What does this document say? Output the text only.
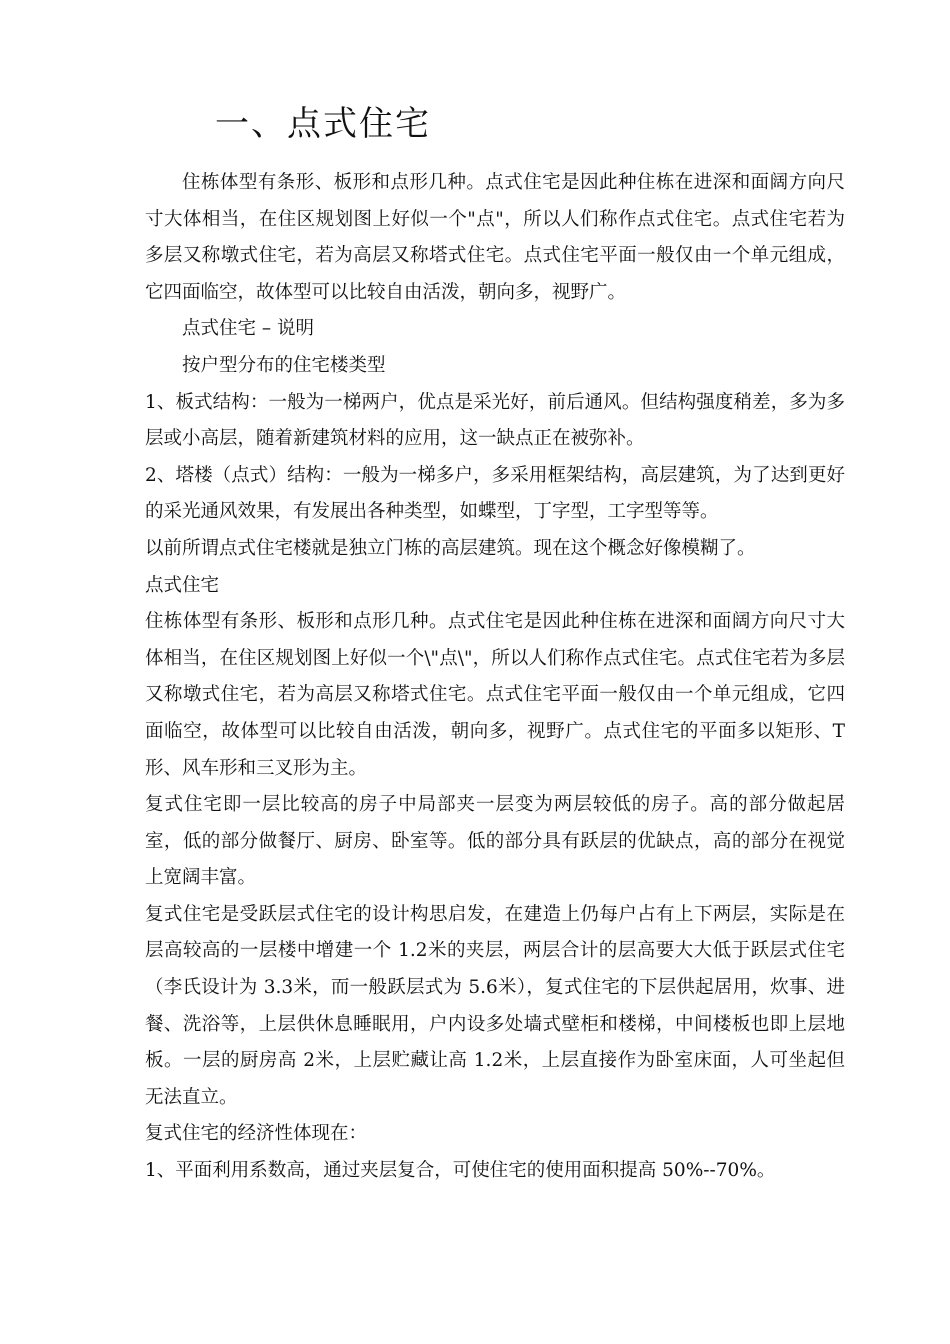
一、点式住宅

住栋体型有条形、板形和点形几种。点式住宅是因此种住栋在进深和面阔方向尺寸大体相当，在住区规划图上好似一个"点"，所以人们称作点式住宅。点式住宅若为多层又称墩式住宅，若为高层又称塔式住宅。点式住宅平面一般仅由一个单元组成，它四面临空，故体型可以比较自由活泼，朝向多，视野广。

点式住宅 – 说明

按户型分布的住宅楼类型

1、板式结构：一般为一梯两户，优点是采光好，前后通风。但结构强度稍差，多为多层或小高层，随着新建筑材料的应用，这一缺点正在被弥补。

2、塔楼（点式）结构：一般为一梯多户，多采用框架结构，高层建筑，为了达到更好的采光通风效果，有发展出各种类型，如蝶型，丁字型，工字型等等。

以前所谓点式住宅楼就是独立门栋的高层建筑。现在这个概念好像模糊了。

点式住宅

住栋体型有条形、板形和点形几种。点式住宅是因此种住栋在进深和面阔方向尺寸大体相当，在住区规划图上好似一个\"点\"，所以人们称作点式住宅。点式住宅若为多层又称墩式住宅，若为高层又称塔式住宅。点式住宅平面一般仅由一个单元组成，它四面临空，故体型可以比较自由活泼，朝向多，视野广。点式住宅的平面多以矩形、T形、风车形和三叉形为主。

复式住宅即一层比较高的房子中局部夹一层变为两层较低的房子。高的部分做起居室，低的部分做餐厅、厨房、卧室等。低的部分具有跃层的优缺点，高的部分在视觉上宽阔丰富。

复式住宅是受跃层式住宅的设计构思启发，在建造上仍每户占有上下两层，实际是在层高较高的一层楼中增建一个 1.2米的夹层，两层合计的层高要大大低于跃层式住宅（李氏设计为 3.3米，而一般跃层式为 5.6米），复式住宅的下层供起居用，炊事、进餐、洗浴等，上层供休息睡眠用，户内设多处墙式壁柜和楼梯，中间楼板也即上层地板。一层的厨房高 2米，上层贮藏让高 1.2米，上层直接作为卧室床面，人可坐起但无法直立。

复式住宅的经济性体现在：

1、平面利用系数高，通过夹层复合，可使住宅的使用面积提高 50%--70%。
